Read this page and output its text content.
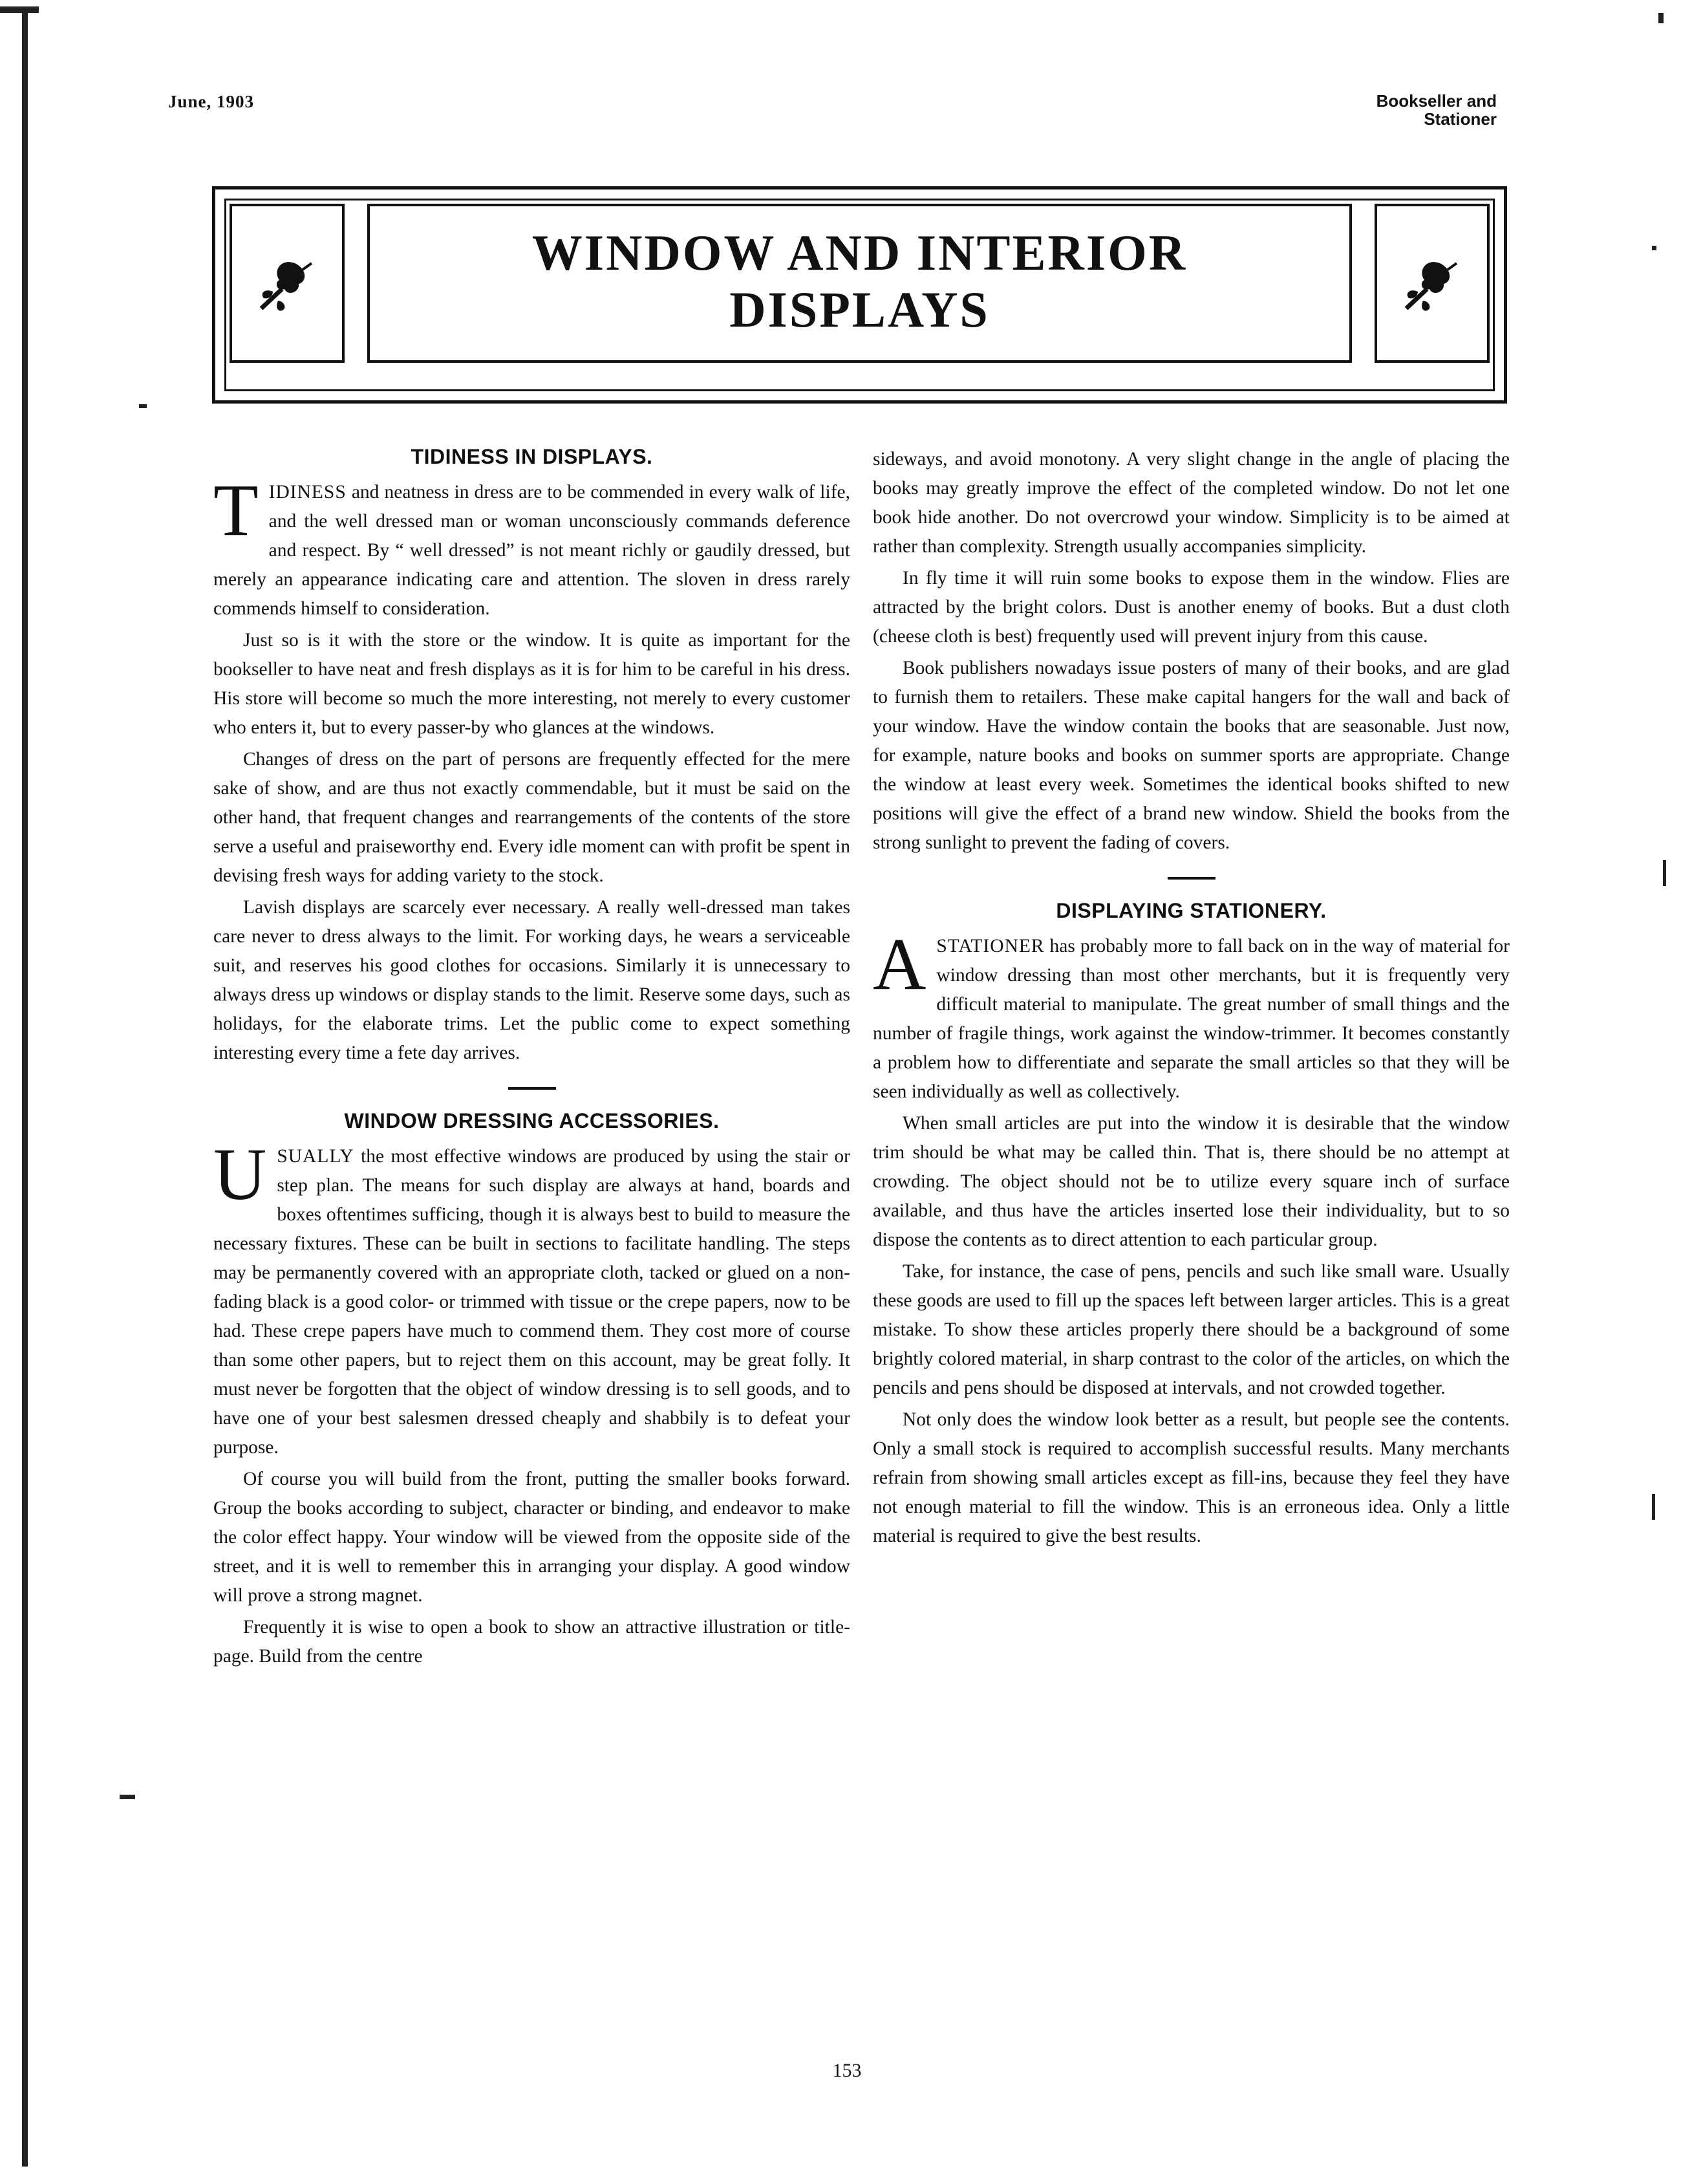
June, 1903	Bookseller and
Stationer
WINDOW AND INTERIOR
DISPLAYS
TIDINESS IN DISPLAYS.

TIDINESS and neatness in dress are to be commended in every walk of life, and the well dressed man or woman unconsciously commands deference and respect. By “ well dressed” is not meant richly or gaudily dressed, but merely an appearance indicating care and attention. The sloven in dress rarely commends himself to consideration.

Just so is it with the store or the window. It is quite as important for the bookseller to have neat and fresh displays as it is for him to be careful in his dress. His store will become so much the more interesting, not merely to every customer who enters it, but to every passer-by who glances at the windows.

Changes of dress on the part of persons are frequently effected for the mere sake of show, and are thus not exactly commendable, but it must be said on the other hand, that frequent changes and rearrangements of the contents of the store serve a useful and praiseworthy end. Every idle moment can with profit be spent in devising fresh ways for adding variety to the stock.

Lavish displays are scarcely ever necessary. A really well-dressed man takes care never to dress always to the limit. For working days, he wears a serviceable suit, and reserves his good clothes for occasions. Similarly it is unnecessary to always dress up windows or display stands to the limit. Reserve some days, such as holidays, for the elaborate trims. Let the public come to expect something interesting every time a fete day arrives.

WINDOW DRESSING ACCESSORIES.

USUALLY the most effective windows are produced by using the stair or step plan. The means for such display are always at hand, boards and boxes oftentimes sufficing, though it is always best to build to measure the necessary fixtures. These can be built in sections to facilitate handling. The steps may be permanently covered with an appropriate cloth, tacked or glued on a non-fading black is a good color- or trimmed with tissue or the crepe papers, now to be had. These crepe papers have much to commend them. They cost more of course than some other papers, but to reject them on this account, may be great folly. It must never be forgotten that the object of window dressing is to sell goods, and to have one of your best salesmen dressed cheaply and shabbily is to defeat your purpose.

Of course you will build from the front, putting the smaller books forward. Group the books according to subject, character or binding, and endeavor to make the color effect happy. Your window will be viewed from the opposite side of the street, and it is well to remember this in arranging your display. A good window will prove a strong magnet.

Frequently it is wise to open a book to show an attractive illustration or title-page. Build from the centre

sideways, and avoid monotony. A very slight change in the angle of placing the books may greatly improve the effect of the completed window. Do not let one book hide another. Do not overcrowd your window. Simplicity is to be aimed at rather than complexity. Strength usually accompanies simplicity.

In fly time it will ruin some books to expose them in the window. Flies are attracted by the bright colors. Dust is another enemy of books. But a dust cloth (cheese cloth is best) frequently used will prevent injury from this cause.

Book publishers nowadays issue posters of many of their books, and are glad to furnish them to retailers. These make capital hangers for the wall and back of your window. Have the window contain the books that are seasonable. Just now, for example, nature books and books on summer sports are appropriate. Change the window at least every week. Sometimes the identical books shifted to new positions will give the effect of a brand new window. Shield the books from the strong sunlight to prevent the fading of covers.

DISPLAYING STATIONERY.

ASTATIONER has probably more to fall back on in the way of material for window dressing than most other merchants, but it is frequently very difficult material to manipulate. The great number of small things and the number of fragile things, work against the window-trimmer. It becomes constantly a problem how to differentiate and separate the small articles so that they will be seen individually as well as collectively.

When small articles are put into the window it is desirable that the window trim should be what may be called thin. That is, there should be no attempt at crowding. The object should not be to utilize every square inch of surface available, and thus have the articles inserted lose their individuality, but to so dispose the contents as to direct attention to each particular group.

Take, for instance, the case of pens, pencils and such like small ware. Usually these goods are used to fill up the spaces left between larger articles. This is a great mistake. To show these articles properly there should be a background of some brightly colored material, in sharp contrast to the color of the articles, on which the pencils and pens should be disposed at intervals, and not crowded together.

Not only does the window look better as a result, but people see the contents. Only a small stock is required to accomplish successful results. Many merchants refrain from showing small articles except as fill-ins, because they feel they have not enough material to fill the window. This is an erroneous idea. Only a little material is required to give the best results.

153
